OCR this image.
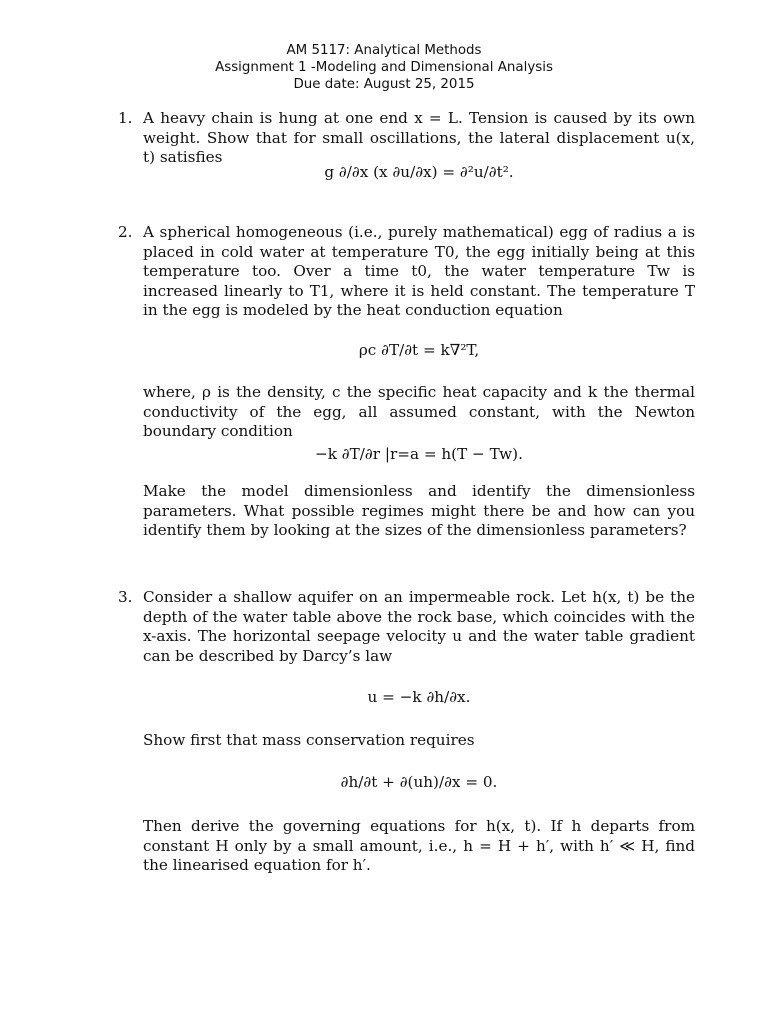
AM 5117: Analytical Methods
Assignment 1 -Modeling and Dimensional Analysis
Due date: August 25, 2015
1. A heavy chain is hung at one end x = L. Tension is caused by its own weight. Show that for small oscillations, the lateral displacement u(x, t) satisfies
g ∂/∂x (x ∂u/∂x) = ∂²u/∂t².
2. A spherical homogeneous (i.e., purely mathematical) egg of radius a is placed in cold water at temperature T0, the egg initially being at this temperature too. Over a time t0, the water temperature Tw is increased linearly to T1, where it is held constant. The temperature T in the egg is modeled by the heat conduction equation
ρc ∂T/∂t = k∇²T,
where, ρ is the density, c the specific heat capacity and k the thermal conductivity of the egg, all assumed constant, with the Newton boundary condition
−k ∂T/∂r |r=a = h(T − Tw).
Make the model dimensionless and identify the dimensionless parameters. What possible regimes might there be and how can you identify them by looking at the sizes of the dimensionless parameters?
3. Consider a shallow aquifer on an impermeable rock. Let h(x, t) be the depth of the water table above the rock base, which coincides with the x-axis. The horizontal seepage velocity u and the water table gradient can be described by Darcy’s law
u = −k ∂h/∂x.
Show first that mass conservation requires
∂h/∂t + ∂(uh)/∂x = 0.
Then derive the governing equations for h(x, t). If h departs from constant H only by a small amount, i.e., h = H + h′, with h′ ≪ H, find the linearised equation for h′.
